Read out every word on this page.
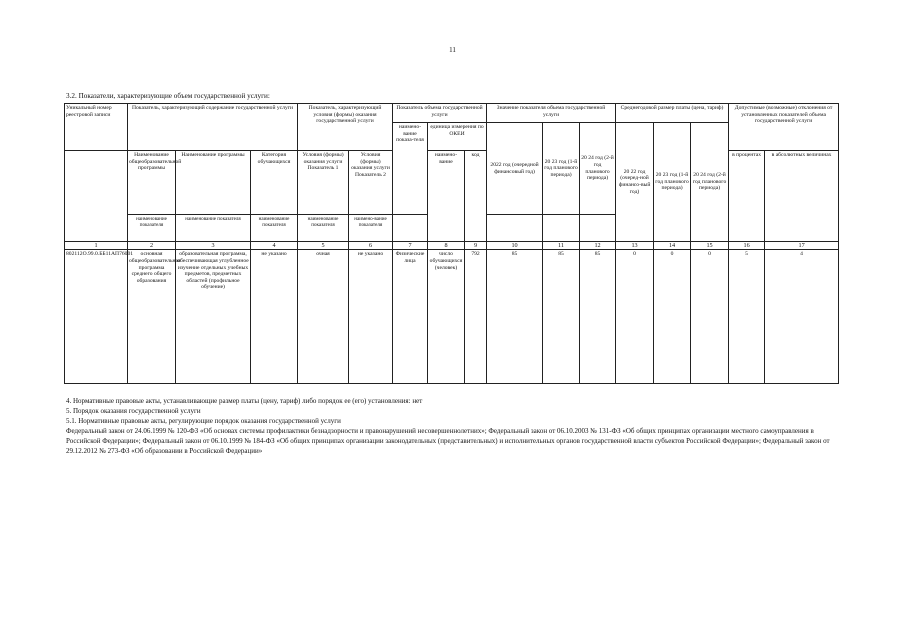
11
3.2. Показатели, характеризующие объем государственной услуги:
Уникальный номер реестровой записи	Показатель, характеризующий содержание государственной услуги			Показатель, характеризующий условия (формы) оказания государственной услуги		Показатель объема государственной услуги			Значение показателя объема государственной услуги			Среднегодовой размер платы (цена, тариф)			Допустимые (возможные) отклонения от установленных показателей объема государственной услуги	
						наимено-вание показа-теля	единица измерения по ОКЕИ		2022 год (очередной финансовый год)	20 23 год (1-й год планового периода)	20 24 год (2-й год планового периода)	20 22 год (очеред-ной финансо-вый год)	20 23 год (1-й год планового периода)	20 24 год (2-й год планового периода)		
	Наименование общеобразовательной программы	Наименование программы	Категория обучающихся	Условия (формы) оказания услуги Показатель 1	Условия (формы) оказания услуги Показатель 2		наимено-вание	код							в процентах	в абсолютных величинах
	наименование показателя	наименование показателя	наименование показателя	наименование показателя	наимено-вание показателя											
1	2	3	4	5	6	7	8	9	10	11	12	13	14	15	16	17
802112О.99.0.ББ11АП76001	основная общеобразовательная программа среднего общего образования	образовательная программа, обеспечивающая углубленное изучение отдельных учебных предметов, предметных областей (профильное обучение)	не указано	очная	не указано	Физические лица	число обучающихся (человек)	792	85	85	85	0	0	0	5	4
4. Нормативные правовые акты, устанавливающие размер платы (цену, тариф) либо порядок ее (его) установления: нет
5. Порядок оказания государственной услуги
5.1. Нормативные правовые акты, регулирующие порядок оказания государственной услуги
Федеральный закон от 24.06.1999 № 120-ФЗ «Об основах системы профилактики безнадзорности и правонарушений несовершеннолетних»; Федеральный закон от 06.10.2003 № 131-ФЗ «Об общих принципах организации местного самоуправления в Российской Федерации»; Федеральный закон от 06.10.1999 № 184-ФЗ «Об общих принципах организации законодательных (представительных) и исполнительных органов государственной власти субъектов Российской Федерации»; Федеральный закон от 29.12.2012 № 273-ФЗ «Об образовании в Российской Федерации»
